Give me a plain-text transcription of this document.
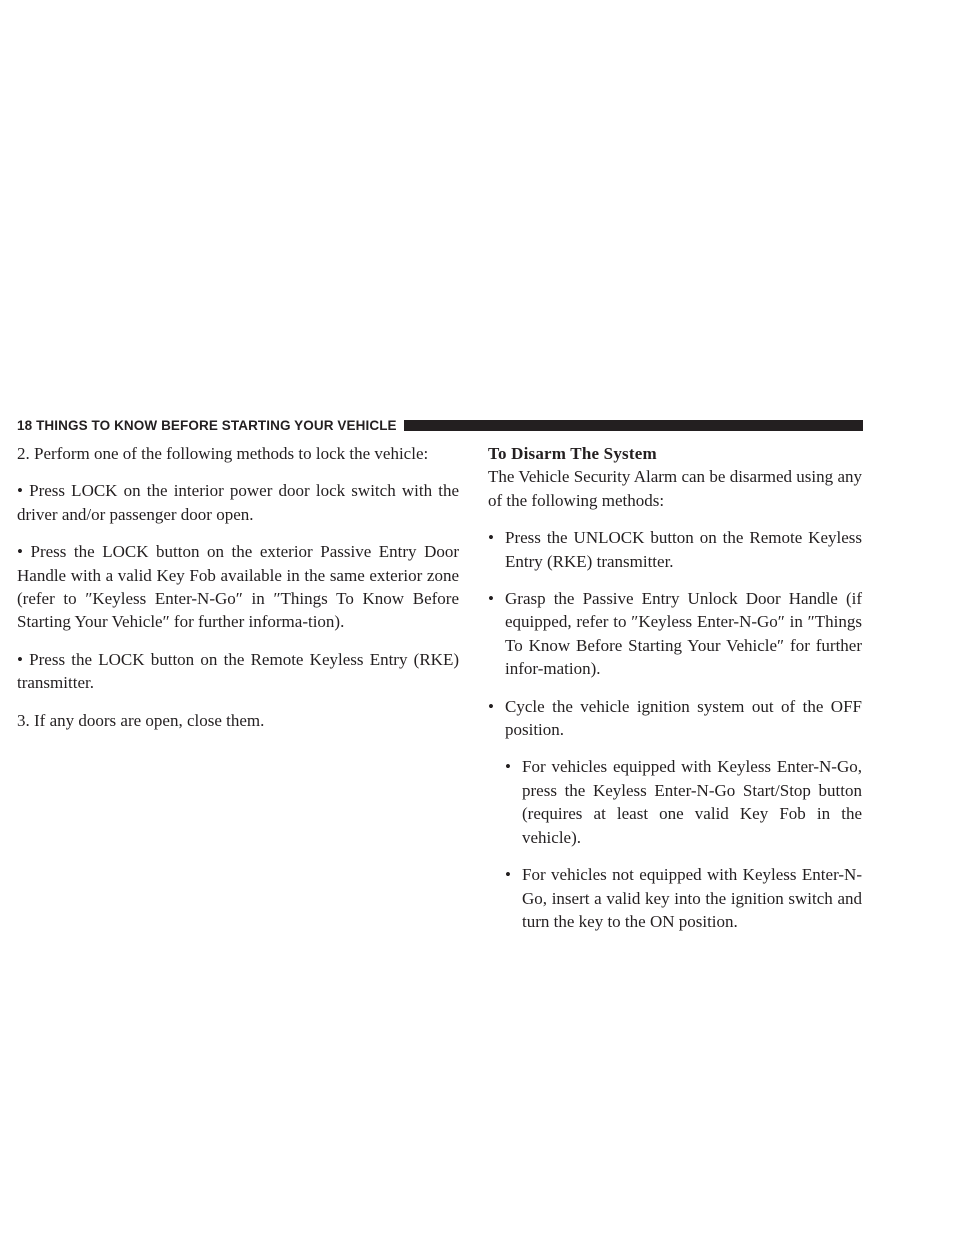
18 THINGS TO KNOW BEFORE STARTING YOUR VEHICLE

2. Perform one of the following methods to lock the vehicle:

• Press LOCK on the interior power door lock switch with the driver and/or passenger door open.

• Press the LOCK button on the exterior Passive Entry Door Handle with a valid Key Fob available in the same exterior zone (refer to ″Keyless Enter-N-Go″ in ″Things To Know Before Starting Your Vehicle″ for further informa-tion).

• Press the LOCK button on the Remote Keyless Entry (RKE) transmitter.

3. If any doors are open, close them.

To Disarm The System

The Vehicle Security Alarm can be disarmed using any of the following methods:

• Press the UNLOCK button on the Remote Keyless Entry (RKE) transmitter.
• Grasp the Passive Entry Unlock Door Handle (if equipped, refer to ″Keyless Enter-N-Go″ in ″Things To Know Before Starting Your Vehicle″ for further infor-mation).
• Cycle the vehicle ignition system out of the OFF position.
• For vehicles equipped with Keyless Enter-N-Go, press the Keyless Enter-N-Go Start/Stop button (requires at least one valid Key Fob in the vehicle).
• For vehicles not equipped with Keyless Enter-N-Go, insert a valid key into the ignition switch and turn the key to the ON position.
